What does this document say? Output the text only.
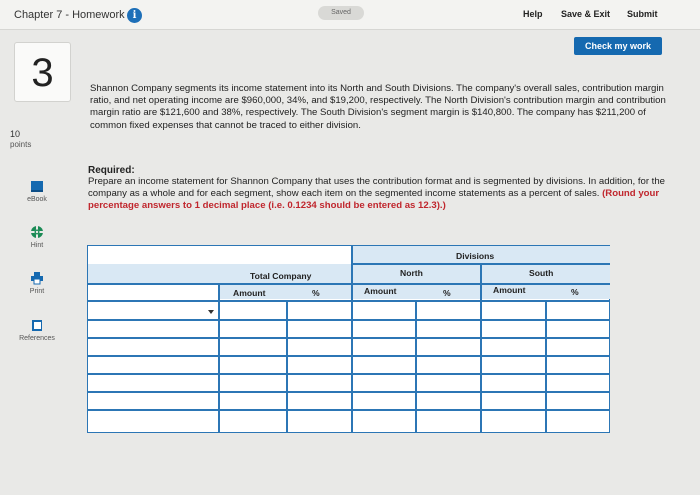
Chapter 7 - Homework i	Saved	Help Save & Exit Submit
Check my work
3
10
points
eBook
Hint
Print
References
Shannon Company segments its income statement into its North and South Divisions. The company's overall sales, contribution margin ratio, and net operating income are $960,000, 34%, and $19,200, respectively. The North Division's contribution margin and contribution margin ratio are $121,600 and 38%, respectively. The South Division's segment margin is $140,800. The company has $211,200 of common fixed expenses that cannot be traced to either division.
Required:
Prepare an income statement for Shannon Company that uses the contribution format and is segmented by divisions. In addition, for the company as a whole and for each segment, show each item on the segmented income statements as a percent of sales. (Round your percentage answers to 1 decimal place (i.e. 0.1234 should be entered as 12.3).)
Divisions
Total Company	North	South
Amount	%	Amount	%	Amount	%
